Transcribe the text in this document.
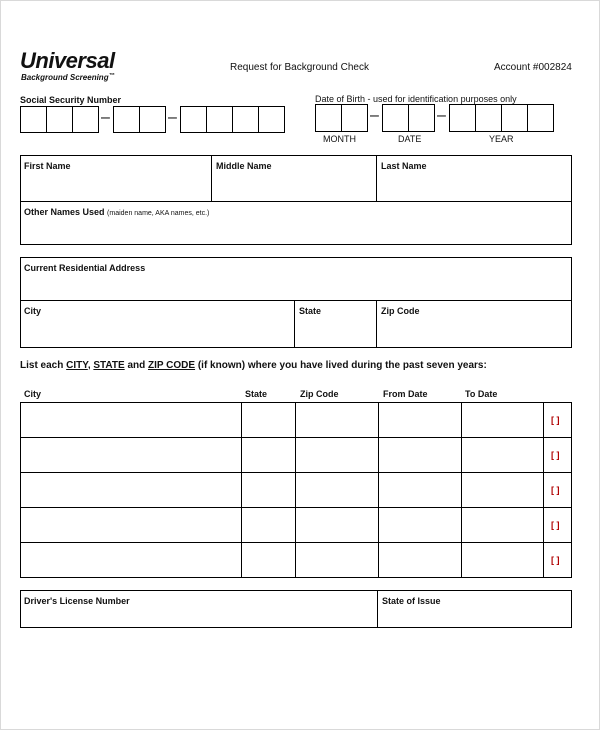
Universal
Background Screening™
Request for Background Check	Account #002824
Social Security Number
–	–
Date of Birth - used for identification purposes only
–	–
MONTH	DATE	YEAR
First Name	Middle Name	Last Name
Other Names Used (maiden name, AKA names, etc.)
Current Residential Address
City	State	Zip Code
List each CITY, STATE and ZIP CODE (if known) where you have lived during the past seven years:
City	State	Zip Code	From Date	To Date
[ ]
[ ]
[ ]
[ ]
[ ]
Driver's License Number	State of Issue
